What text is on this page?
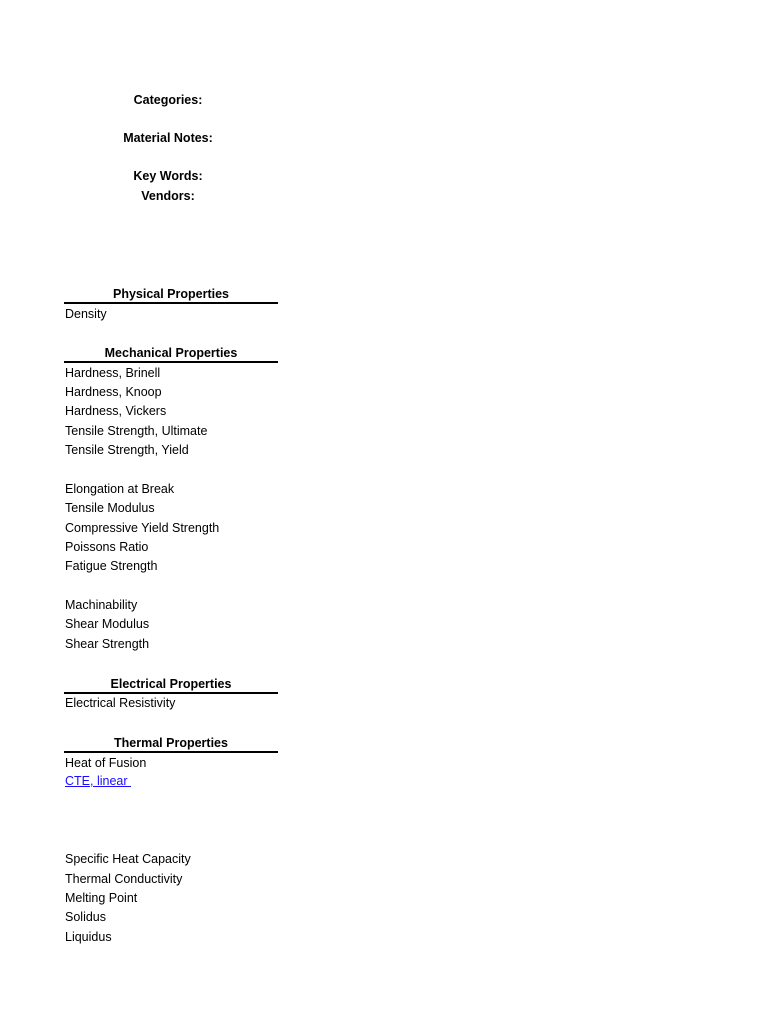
Categories:
Material Notes:
Key Words:
Vendors:
Physical Properties
Density
Mechanical Properties
Hardness, Brinell
Hardness, Knoop
Hardness, Vickers
Tensile Strength, Ultimate
Tensile Strength, Yield
Elongation at Break
Tensile Modulus
Compressive Yield Strength
Poissons Ratio
Fatigue Strength
Machinability
Shear Modulus
Shear Strength
Electrical Properties
Electrical Resistivity
Thermal Properties
Heat of Fusion
CTE, linear
Specific Heat Capacity
Thermal Conductivity
Melting Point
Solidus
Liquidus
